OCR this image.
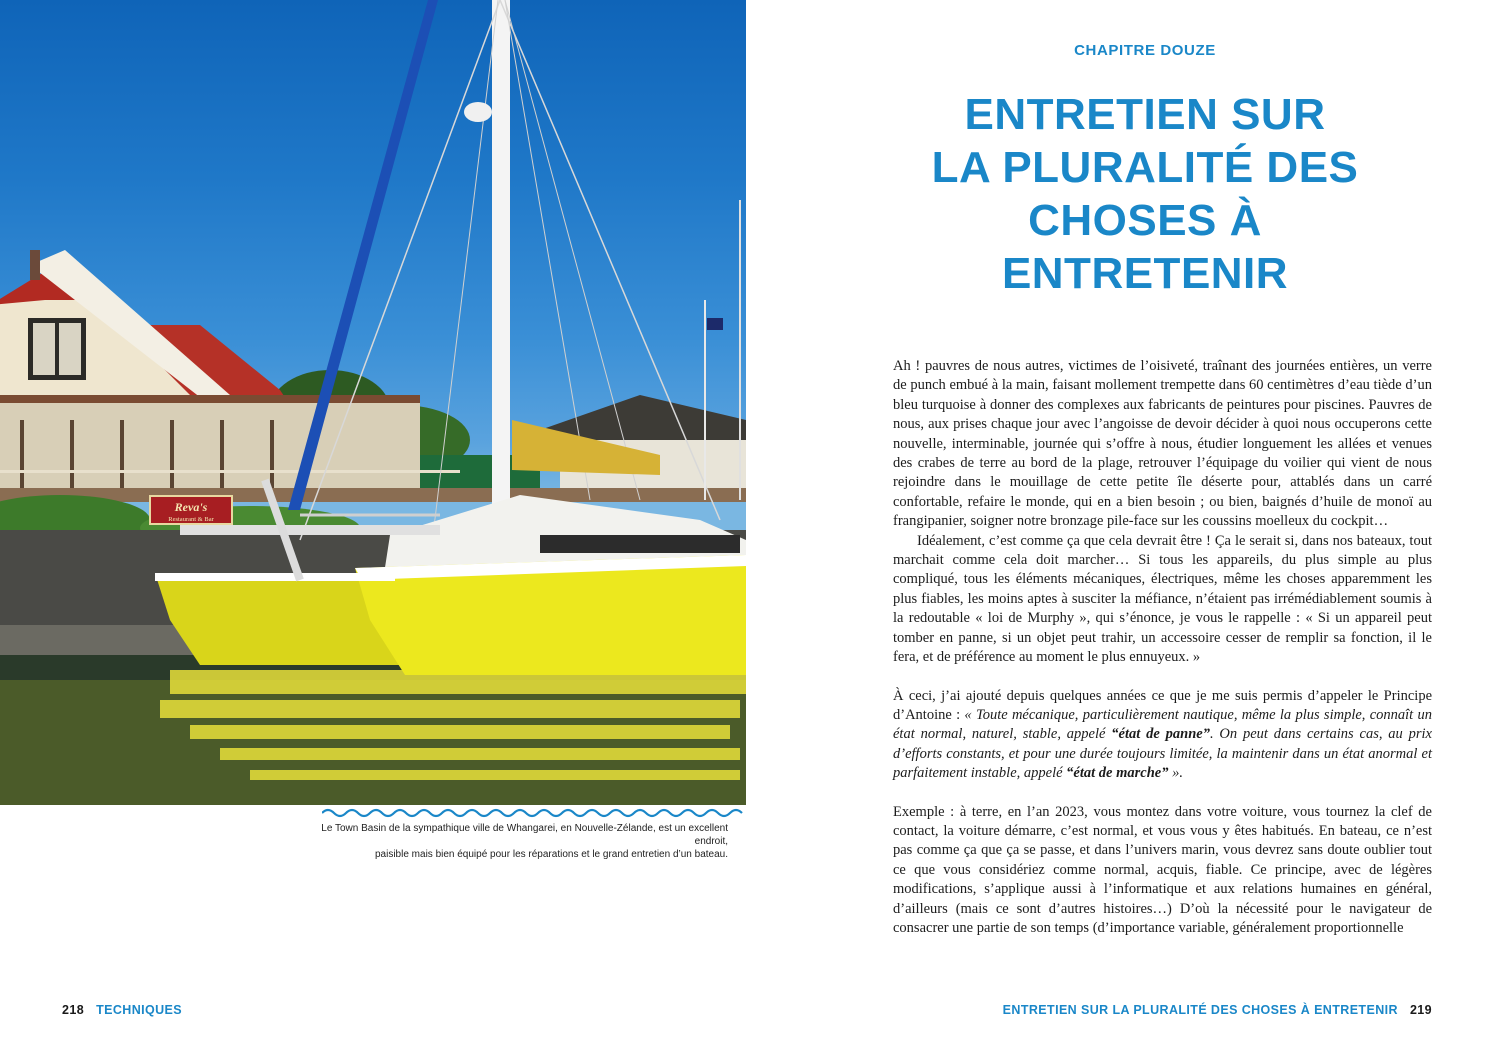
Reva's
Restaurant & Bar
Le Town Basin de la sympathique ville de Whangarei, en Nouvelle-Zélande, est un excellent endroit,
paisible mais bien équipé pour les réparations et le grand entretien d’un bateau.
CHAPITRE DOUZE
ENTRETIEN SUR
LA PLURALITÉ DES
CHOSES À ENTRETENIR

Ah ! pauvres de nous autres, victimes de l’oisiveté, traînant des journées entières, un verre de punch embué à la main, faisant mollement trempette dans 60 centimètres d’eau tiède d’un bleu turquoise à donner des complexes aux fabricants de peintures pour piscines. Pauvres de nous, aux prises chaque jour avec l’angoisse de devoir décider à quoi nous occuperons cette nouvelle, interminable, journée qui s’offre à nous, étudier longuement les allées et venues des crabes de terre au bord de la plage, retrouver l’équipage du voilier qui vient de nous rejoindre dans le mouillage de cette petite île déserte pour, attablés dans un carré confortable, refaire le monde, qui en a bien besoin ; ou bien, baignés d’huile de monoï au frangipanier, soigner notre bronzage pile-face sur les coussins moelleux du cockpit…

Idéalement, c’est comme ça que cela devrait être ! Ça le serait si, dans nos bateaux, tout marchait comme cela doit marcher… Si tous les appareils, du plus simple au plus compliqué, tous les éléments mécaniques, électriques, même les choses apparemment les plus fiables, les moins aptes à susciter la méfiance, n’étaient pas irrémédiablement soumis à la redoutable « loi de Murphy », qui s’énonce, je vous le rappelle : « Si un appareil peut tomber en panne, si un objet peut trahir, un accessoire cesser de remplir sa fonction, il le fera, et de préférence au moment le plus ennuyeux. »

À ceci, j’ai ajouté depuis quelques années ce que je me suis permis d’appeler le Principe d’Antoine : « Toute mécanique, particulièrement nautique, même la plus simple, connaît un état normal, naturel, stable, appelé “état de panne”. On peut dans certains cas, au prix d’efforts constants, et pour une durée toujours limitée, la maintenir dans un état anormal et parfaitement instable, appelé “état de marche” ».

Exemple : à terre, en l’an 2023, vous montez dans votre voiture, vous tournez la clef de contact, la voiture démarre, c’est normal, et vous vous y êtes habitués. En bateau, ce n’est pas comme ça que ça se passe, et dans l’univers marin, vous devrez sans doute oublier tout ce que vous considériez comme normal, acquis, fiable. Ce principe, avec de légères modifications, s’applique aussi à l’informatique et aux relations humaines en général, d’ailleurs (mais ce sont d’autres histoires…) D’où la nécessité pour le navigateur de consacrer une partie de son temps (d’importance variable, généralement proportionnelle

218 TECHNIQUES	ENTRETIEN SUR LA PLURALITÉ DES CHOSES À ENTRETENIR 219
